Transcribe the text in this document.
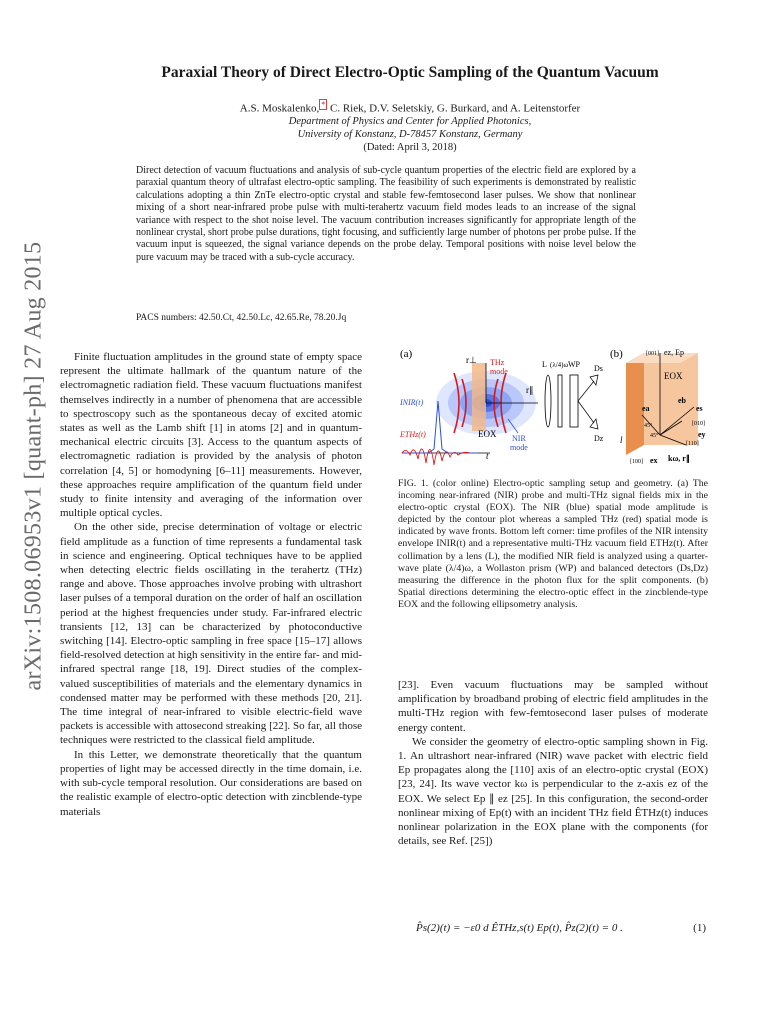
arXiv:1508.06953v1 [quant-ph] 27 Aug 2015
Paraxial Theory of Direct Electro-Optic Sampling of the Quantum Vacuum
A.S. Moskalenko, * C. Riek, D.V. Seletskiy, G. Burkard, and A. Leitenstorfer
Department of Physics and Center for Applied Photonics,
University of Konstanz, D-78457 Konstanz, Germany
(Dated: April 3, 2018)
Direct detection of vacuum fluctuations and analysis of sub-cycle quantum properties of the electric field are explored by a paraxial quantum theory of ultrafast electro-optic sampling. The feasibility of such experiments is demonstrated by realistic calculations adopting a thin ZnTe electro-optic crystal and stable few-femtosecond laser pulses. We show that nonlinear mixing of a short near-infrared probe pulse with multi-terahertz vacuum field modes leads to an increase of the signal variance with respect to the shot noise level. The vacuum contribution increases significantly for appropriate length of the nonlinear crystal, short probe pulse durations, tight focusing, and sufficiently large number of photons per probe pulse. If the vacuum input is squeezed, the signal variance depends on the probe delay. Temporal positions with noise level below the pure vacuum may be traced with a sub-cycle accuracy.
PACS numbers: 42.50.Ct, 42.50.Lc, 42.65.Re, 78.20.Jq

Finite fluctuation amplitudes in the ground state of empty space represent the ultimate hallmark of the quantum nature of the electromagnetic radiation field. These vacuum fluctuations manifest themselves indirectly in a number of phenomena that are accessible to spectroscopy such as the spontaneous decay of excited atomic states as well as the Lamb shift [1] in atoms [2] and in quantum-mechanical electric circuits [3]. Access to the quantum aspects of electromagnetic radiation is provided by the analysis of photon correlation [4, 5] or homodyning [6–11] measurements. However, these approaches require amplification of the quantum field under study to finite intensity and averaging of the information over multiple optical cycles.

On the other side, precise determination of voltage or electric field amplitude as a function of time represents a fundamental task in science and engineering. Optical techniques have to be applied when detecting electric fields oscillating in the terahertz (THz) range and above. Those approaches involve probing with ultrashort laser pulses of a temporal duration on the order of half an oscillation period at the highest frequencies under study. Far-infrared electric transients [12, 13] can be characterized by photoconductive switching [14]. Electro-optic sampling in free space [15–17] allows field-resolved detection at high sensitivity in the entire far- and mid-infrared spectral range [18, 19]. Direct studies of the complex-valued susceptibilities of materials and the elementary dynamics in condensed matter may be performed with these methods [20, 21]. The time integral of near-infrared to visible electric-field wave packets is accessible with attosecond streaking [22]. So far, all those techniques were restricted to the classical field amplitude.

In this Letter, we demonstrate theoretically that the quantum properties of light may be accessed directly in the time domain, i.e. with sub-cycle temporal resolution. Our considerations are based on the realistic example of electro-optic detection with zincblende-type materials

(a)	r⊥
r∥
THz
mode
EOX NIR
mode
t
INIR(t)
ETHz(t)
L (λ/4)ω WP Ds
Dz
(b)
EOX
[001] ez, Ep
ea
eb
es
ey
ex
[010]
[110]
[100]
45°
45°
l
kω, r∥
FIG. 1. (color online) Electro-optic sampling setup and geometry. (a) The incoming near-infrared (NIR) probe and multi-THz signal fields mix in the electro-optic crystal (EOX). The NIR (blue) spatial mode amplitude is depicted by the contour plot whereas a sampled THz (red) spatial mode is indicated by wave fronts. Bottom left corner: time profiles of the NIR intensity envelope INIR(t) and a representative multi-THz vacuum field ETHz(t). After collimation by a lens (L), the modified NIR field is analyzed using a quarter-wave plate (λ/4)ω, a Wollaston prism (WP) and balanced detectors (Ds,Dz) measuring the difference in the photon flux for the split components. (b) Spatial directions determining the electro-optic effect in the zincblende-type EOX and the following ellipsometry analysis.

[23]. Even vacuum fluctuations may be sampled without amplification by broadband probing of electric field amplitudes in the multi-THz region with few-femtosecond laser pulses of moderate energy content.

We consider the geometry of electro-optic sampling shown in Fig. 1. An ultrashort near-infrared (NIR) wave packet with electric field Ep propagates along the [110] axis of an electro-optic crystal (EOX) [23, 24]. Its wave vector kω is perpendicular to the z-axis ez of the EOX. We select Ep ∥ ez [25]. In this configuration, the second-order nonlinear mixing of Ep(t) with an incident THz field ÊTHz(t) induces nonlinear polarization in the EOX plane with the components (for details, see Ref. [25])

P̂s(2)(t) = −ε0 d ÊTHz,s(t) Ep(t), P̂z(2)(t) = 0 .	(1)
